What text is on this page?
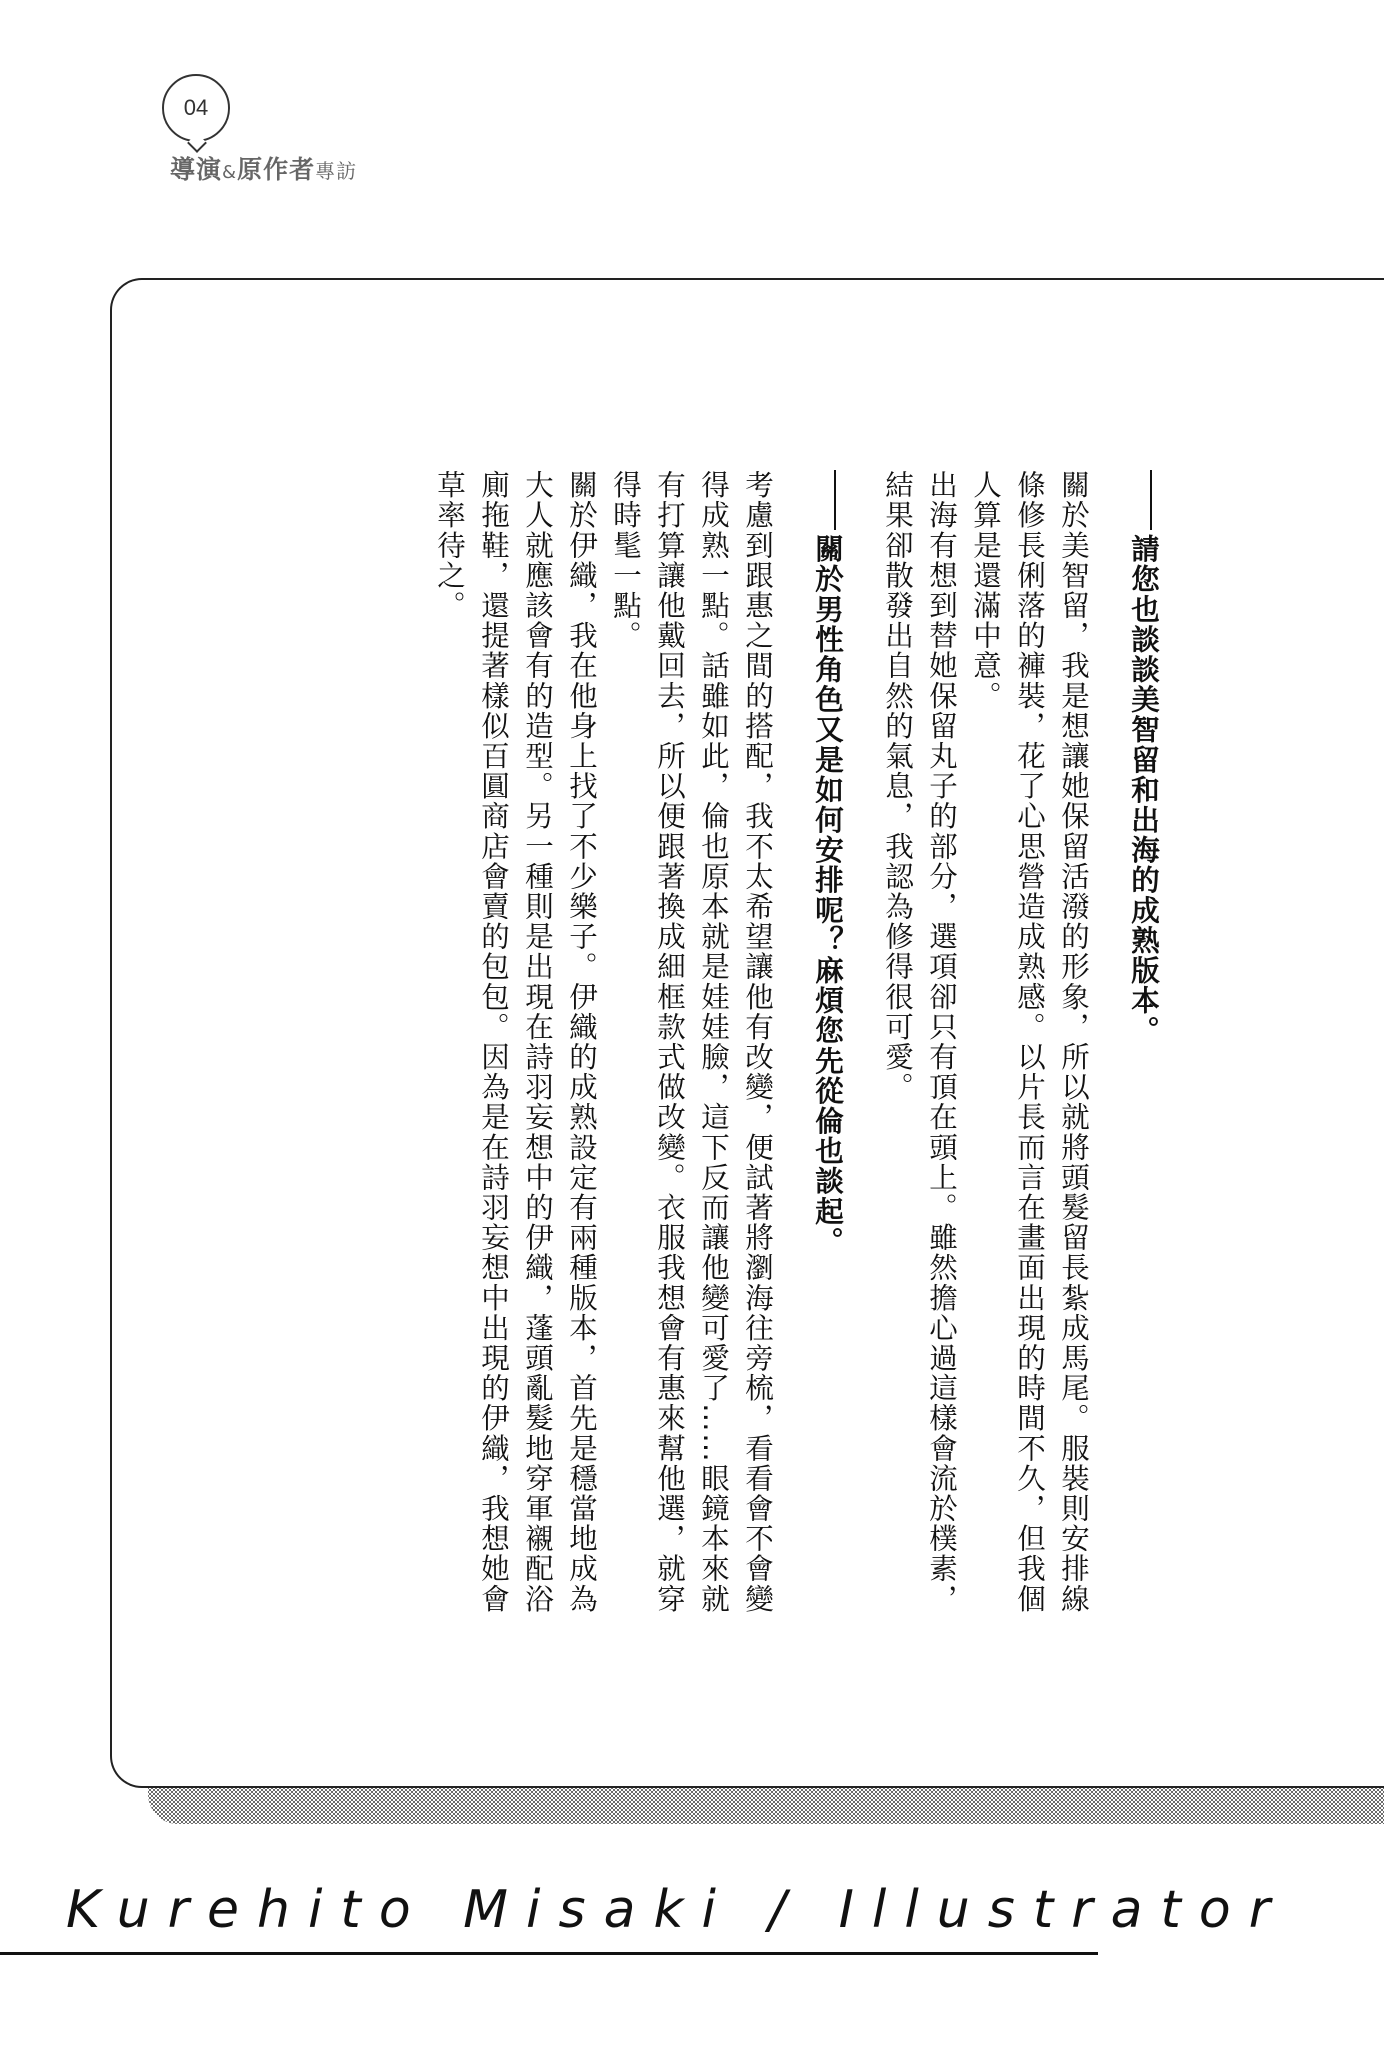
04
導演&原作者專訪

請您也談談美智留和出海的成熟版本。

關於美智留，我是想讓她保留活潑的形象，所以就將頭髮留長紮成馬尾。服裝則安排線條修長俐落的褲裝，花了心思營造成熟感。以片長而言在畫面出現的時間不久，但我個人算是還滿中意。

出海有想到替她保留丸子的部分，選項卻只有頂在頭上。雖然擔心過這樣會流於樸素，結果卻散發出自然的氣息，我認為修得很可愛。

關於男性角色又是如何安排呢？麻煩您先從倫也談起。

考慮到跟惠之間的搭配，我不太希望讓他有改變，便試著將瀏海往旁梳，看看會不會變得成熟一點。話雖如此，倫也原本就是娃娃臉，這下反而讓他變可愛了……眼鏡本來就有打算讓他戴回去，所以便跟著換成細框款式做改變。衣服我想會有惠來幫他選，就穿得時髦一點。

關於伊織，我在他身上找了不少樂子。伊織的成熟設定有兩種版本，首先是穩當地成為大人就應該會有的造型。另一種則是出現在詩羽妄想中的伊織，蓬頭亂髮地穿軍襯配浴廁拖鞋，還提著樣似百圓商店會賣的包包。因為是在詩羽妄想中出現的伊織，我想她會草率待之。

Kurehito Misaki / Illustrator
